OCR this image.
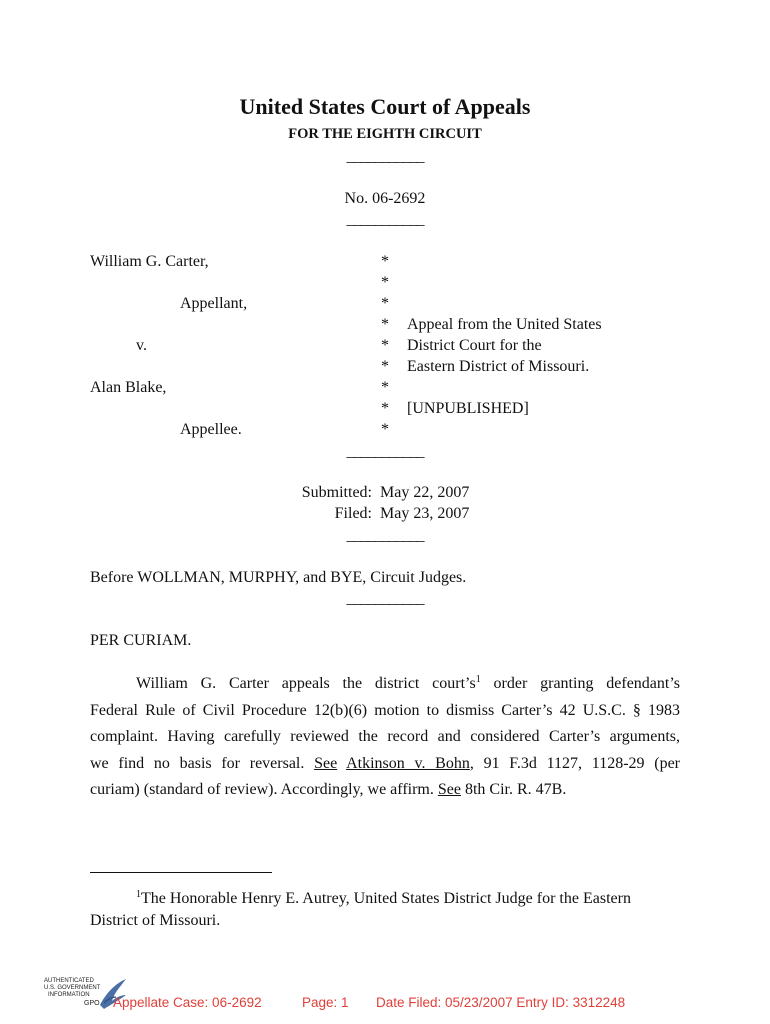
United States Court of Appeals
FOR THE EIGHTH CIRCUIT
___________
No. 06-2692
___________
William G. Carter,
Appellant,
v.
Alan Blake,
Appellee.
*
*
*
*
*
*
*
*
*
Appeal from the United States
District Court for the
Eastern District of Missouri.
[UNPUBLISHED]
___________
Submitted: May 22, 2007
Filed: May 23, 2007
___________
Before WOLLMAN, MURPHY, and BYE, Circuit Judges.
___________
PER CURIAM.
William G. Carter appeals the district $court’s^1$ order granting defendant’s
Federal Rule of Civil Procedure 12(b)(6) motion to dismiss Carter’s 42 U.S.C. § 1983
complaint. Having carefully reviewed the record and considered Carter’s arguments,
we find no basis for reversal. See Atkinson v. Bohn, 91 F.3d 1127, 1128-29 (per
curiam) (standard of review). Accordingly, we affirm. See 8th Cir. R. 47B.
$^1$The Honorable Henry E. Autrey, United States District Judge for the Eastern
District of Missouri.
AUTHENTICATED
U.S. GOVERNMENT
INFORMATION
GPO Appellate Case: 06-2692	Page: 1 Date Filed: 05/23/2007 Entry ID: 3312248
